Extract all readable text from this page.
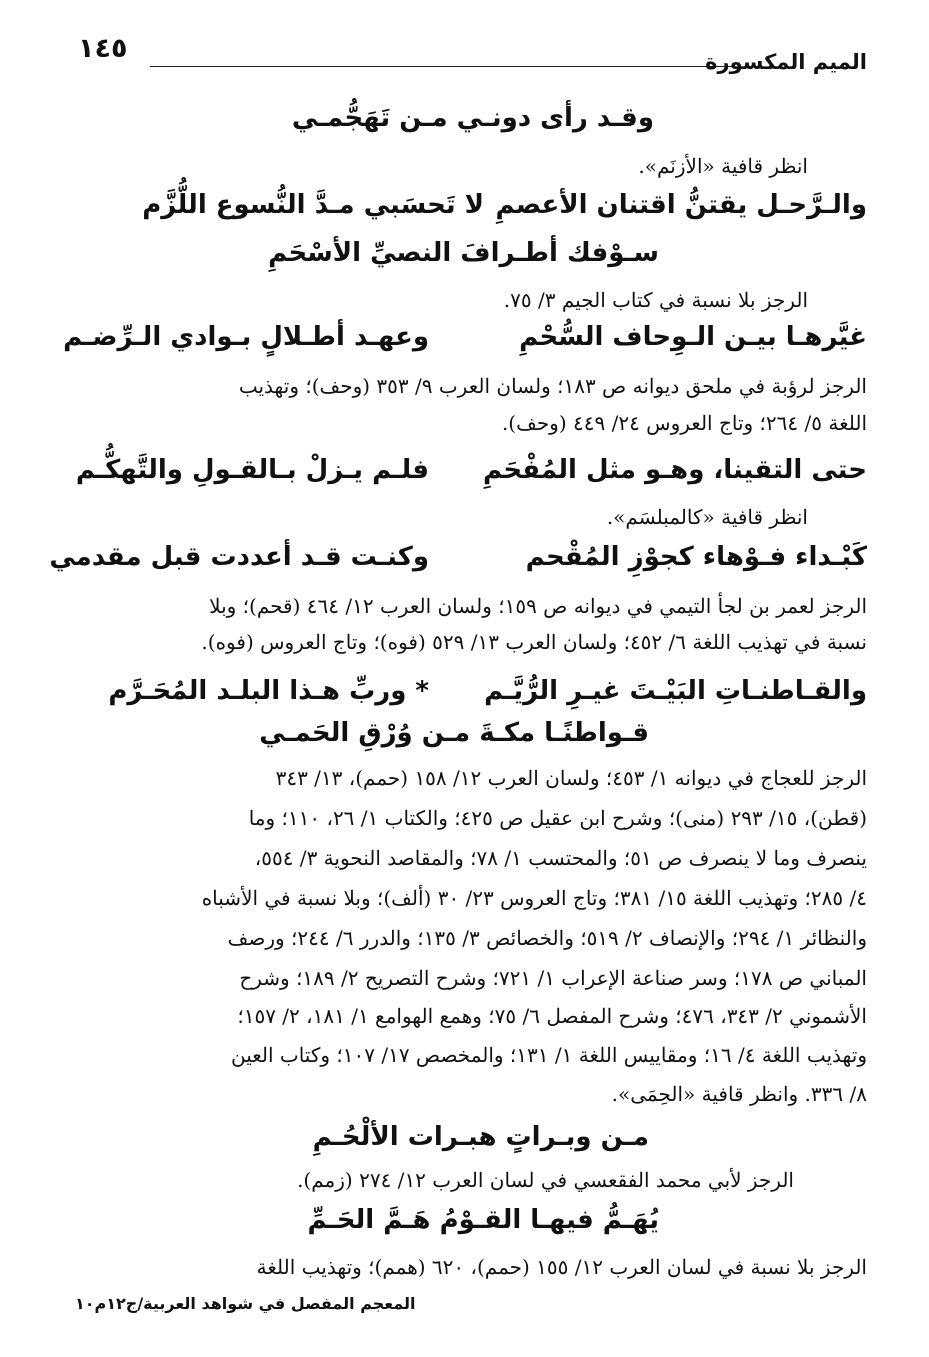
١٤٥	الميم المكسورة
وقـد رأى دونـي مـن تَهَجُّمـي
انظر قافية «الأزنَم».
لا تَحسَبي مـدَّ النُّسوع اللُّزَّم والـرَّحـل يقتنُّ اقتنان الأعصمِ
سـوْفك أطـرافَ النصيِّ الأسْحَمِ
الرجز بلا نسبة في كتاب الجيم ٣/ ٧٥.
غيَّرهـا بيـن الـوِحاف السُّحْمِ
وعهـد أطـلالٍ بـوادي الـرِّضـم
الرجز لرؤبة في ملحق ديوانه ص ١٨٣؛ ولسان العرب ٩/ ٣٥٣ (وحف)؛ وتهذيب
اللغة ٥/ ٢٦٤؛ وتاج العروس ٢٤/ ٤٤٩ (وحف).
حتى التقينا، وهـو مثل المُفْحَمِ
فلـم يـزلْ بـالقـولِ والتَّهكُّـم
انظر قافية «كالمبلسَم».
كَبْـداء فـوْهاء كجوْزِ المُقْحم
وكنـت قـد أعددت قبل مقدمي
الرجز لعمر بن لجأ التيمي في ديوانه ص ١٥٩؛ ولسان العرب ١٢/ ٤٦٤ (قحم)؛ وبلا
نسبة في تهذيب اللغة ٦/ ٤٥٢؛ ولسان العرب ١٣/ ٥٢٩ (فوه)؛ وتاج العروس (فوه).
والقـاطنـاتِ البَيْـتَ غيـرِ الرُّيَّـم
* وربِّ هـذا البلـد المُحَـرَّم
قـواطنًـا مكـةَ مـن وُرْقِ الحَمـي
الرجز للعجاج في ديوانه ١/ ٤٥٣؛ ولسان العرب ١٢/ ١٥٨ (حمم)، ١٣/ ٣٤٣
(قطن)، ١٥/ ٢٩٣ (منى)؛ وشرح ابن عقيل ص ٤٢٥؛ والكتاب ١/ ٢٦، ١١٠؛ وما
ينصرف وما لا ينصرف ص ٥١؛ والمحتسب ١/ ٧٨؛ والمقاصد النحوية ٣/ ٥٥٤،
٤/ ٢٨٥؛ وتهذيب اللغة ١٥/ ٣٨١؛ وتاج العروس ٢٣/ ٣٠ (ألف)؛ وبلا نسبة في الأشباه
والنظائر ١/ ٢٩٤؛ والإنصاف ٢/ ٥١٩؛ والخصائص ٣/ ١٣٥؛ والدرر ٦/ ٢٤٤؛ ورصف
المباني ص ١٧٨؛ وسر صناعة الإعراب ١/ ٧٢١؛ وشرح التصريح ٢/ ١٨٩؛ وشرح
الأشموني ٢/ ٣٤٣، ٤٧٦؛ وشرح المفصل ٦/ ٧٥؛ وهمع الهوامع ١/ ١٨١، ٢/ ١٥٧؛
وتهذيب اللغة ٤/ ١٦؛ ومقاييس اللغة ١/ ١٣١؛ والمخصص ١٧/ ١٠٧؛ وكتاب العين
٨/ ٣٣٦. وانظر قافية «الحِمَى».
مـن وبـراتٍ هبـرات الألْحُـمِ
الرجز لأبي محمد الفقعسي في لسان العرب ١٢/ ٢٧٤ (زمم).
يُهَـمُّ فيهـا القـوْمُ هَـمَّ الحَـمِّ
الرجز بلا نسبة في لسان العرب ١٢/ ١٥٥ (حمم)، ٦٢٠ (همم)؛ وتهذيب اللغة
المعجم المفصل في شواهد العربية/ج١٢م١٠
